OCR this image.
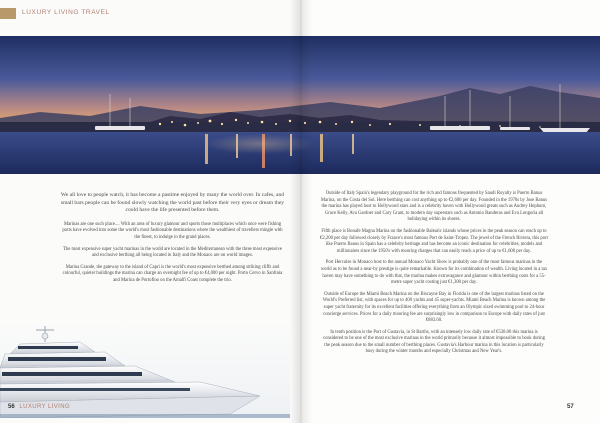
LUXURY LIVING TRAVEL

We all love to people watch, it has become a pastime enjoyed by many the world over. In cafes, and small bars people can be found slowly watching the world past before their very eyes or dream they could have the life presented before them.

Marinas are one such place.... With an area of luxury glamour and sports those multiplaces which once were fishing ports have evolved into some the world's most fashionable destinations where the wealthiest of travellers mingle with the finest, to indulge in the grand places.

The most expensive super yacht marinas in the world are located in the Mediterranean with the three most expensive and exclusive berthing all being located in Italy and the Monaco are on world images.

Marina Grande, the gateway to the island of Capri is the world's most expensive berthed among striking cliffs and colourful, quieter buildings the marina can charge an overnight fee of up to €4,000 per night. Porto Cervo in Sardinia and Marina de Portofino on the Amalfi Coast complete the trio.

Outside of Italy Spain's legendary playground for the rich and famous frequented by Saudi Royalty is Puerto Banus Marina, on the Costa del Sol. Here berthing can cost anything up to €2,600 per day. Founded in the 1970s by Jose Banus the marina has played host to Hollywood stars and is a celebrity haven with Hollywood greats such as Audrey Hepburn, Grace Kelly, Ava Gardner and Cary Grant, to modern day superstars such as Antonio Banderas and Eva Longoria all holidaying within its shores.

Fifth place is Bonafe Magna Marina on the fashionable Balearic islands whose prices in the peak season can reach up to €2,200 per day followed closely by France's most famous Port de Saint-Tropez. The jewel of the French Riviera, this port like Puerto Banus in Spain has a celebrity heritage and has become an iconic destination for celebrities, models and millionaires since the 1950's with mooring charges that can easily reach a price of up to €1,600 per day.

Port Hercules in Monaco host to the annual Monaco Yacht Show is probably one of the most famous marinas in the world as to be found a near-by prestige is quite remarkable. Known for its combination of wealth. Living located in a tax haven may have something to do with that, the marina makes extravagance and glamour within berthing costs for a 55-metre super yacht costing just €1,300 per day.

Outside of Europe the Miami Beach Marina on the Biscayne Bay in Florida is one of the largest marinas listed on the World's Preferred list, with spaces for up to 400 yachts and 45 super-yachts. Miami Beach Marina is known among the super yacht fraternity for its excellent facilities offering everything from an Olympic sized swimming pool to 24-hour concierge services. Prices for a daily mooring fee are surprisingly low in comparison to Europe with daily rates of just €883.60.

In tenth position is the Port of Gustavia, in St Barths, with an intensely low daily rate of €538.00 this marina is considered to be one of the most exclusive marinas in the world primarily because it almost impossible to book during the peak season due to the small number of berthing places. Gustavia's Harbour marina in this location is particularly busy during the winter months and especially Christmas and New Year's.

56 LUXURY LIVING	57
